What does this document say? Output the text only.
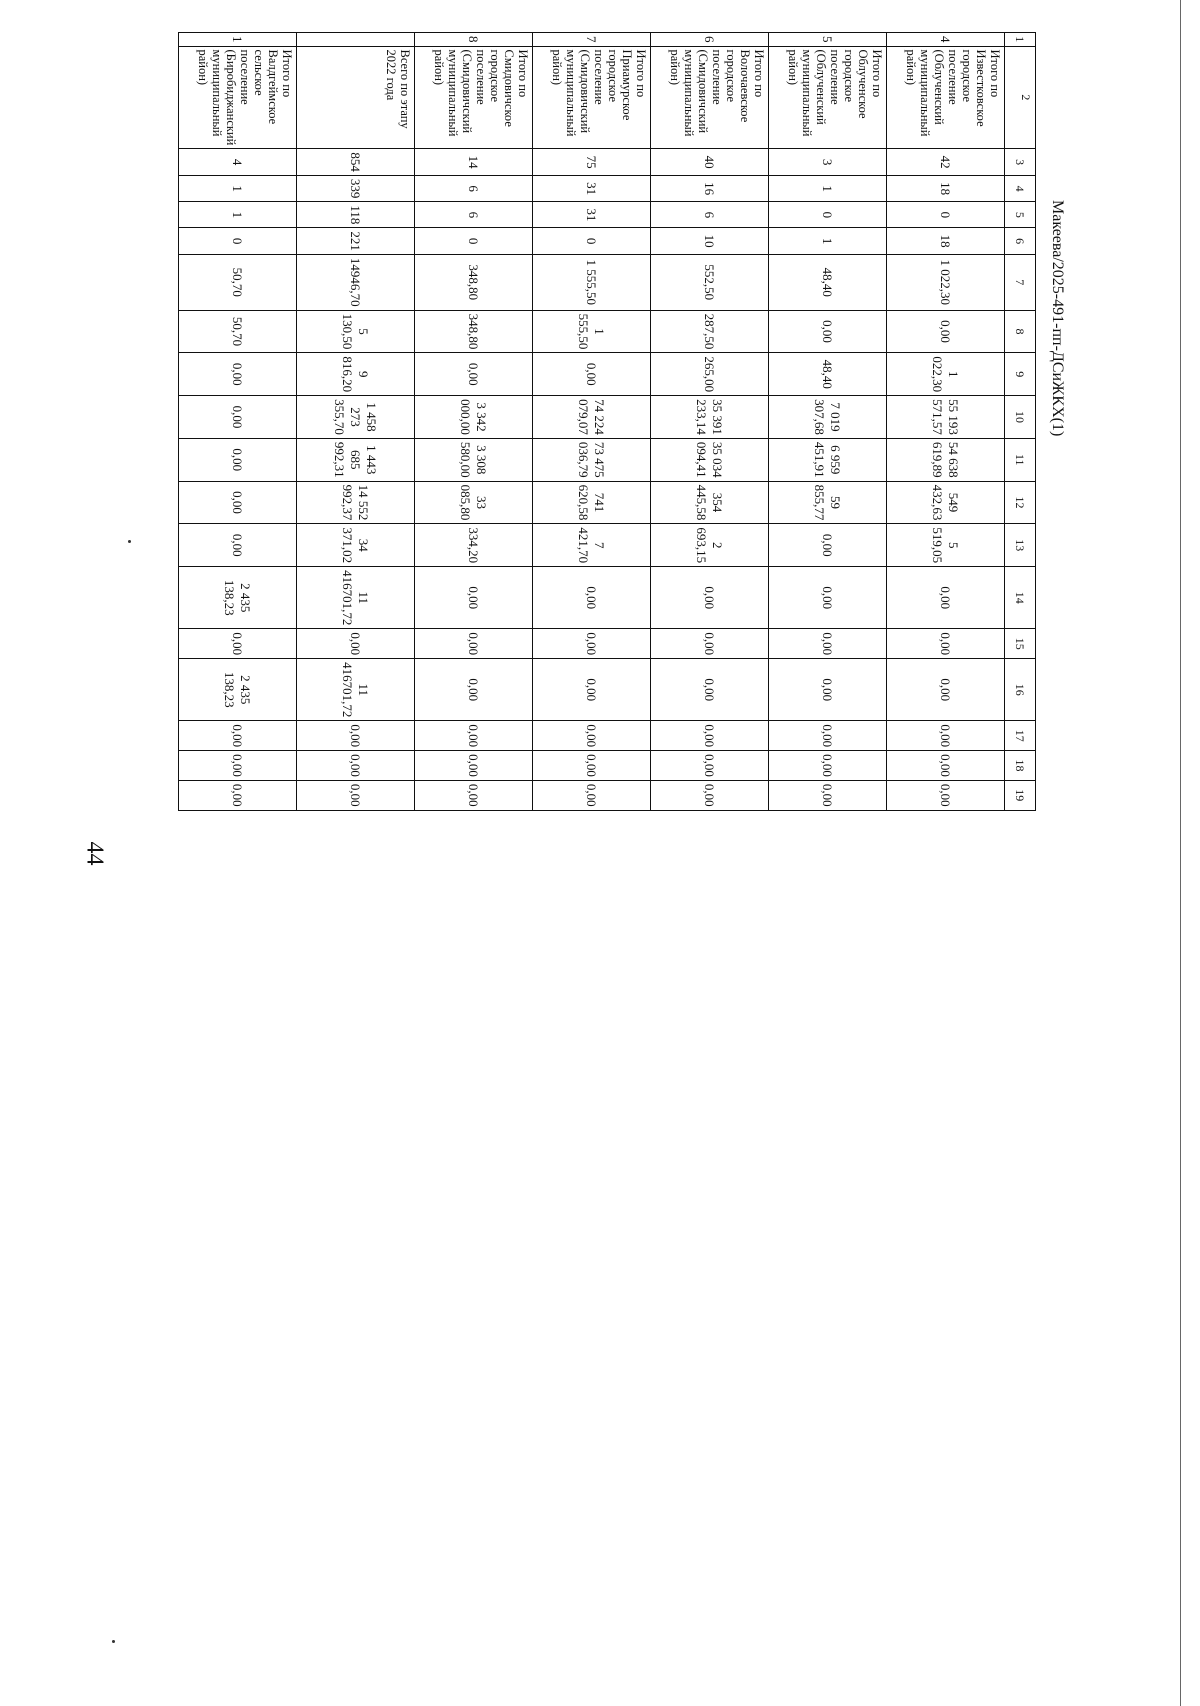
44
Макеева/2025-491-пп-ДСиЖКХ(1)
1	2	3	4	5	6	7	8	9	10	11	12	13	14	15	16	17	18	19
4	Итого по Известковское городское поселение (Облученский муниципальный район)	42	18	0	18	1 022,30	0,00	1 022,30	55 193 571,57	54 638 619,89	549 432,63	5 519,05	0,00	0,00	0,00	0,00	0,00	0,00
5	Итого по Облученское городское поселение (Облученский муниципальный район)	3	1	0	1	48,40	0,00	48,40	7 019 307,68	6 959 451,91	59 855,77	0,00	0,00	0,00	0,00	0,00	0,00	0,00
6	Итого по Волочаевское городское поселение (Смидовичский муниципальный район)	40	16	6	10	552,50	287,50	265,00	35 391 233,14	35 034 094,41	354 445,58	2 693,15	0,00	0,00	0,00	0,00	0,00	0,00
7	Итого по Приамурское городское поселение (Смидовичский муниципальный район)	75	31	31	0	1 555,50	1 555,50	0,00	74 224 079,07	73 475 036,79	741 620,58	7 421,70	0,00	0,00	0,00	0,00	0,00	0,00
8	Итого по Смидовичское городское поселение (Смидовичский муниципальный район)	14	6	6	0	348,80	348,80	0,00	3 342 000,00	3 308 580,00	33 085,80	334,20	0,00	0,00	0,00	0,00	0,00	0,00
	Всего по этапу 2022 года	854	339	118	221	14946,70	5 130,50	9 816,20	1 458 273 355,70	1 443 685 992,31	14 552 992,37	34 371,02	11 416701,72	0,00	11 416701,72	0,00	0,00	0,00
1	Итого по Валдгеймское сельское поселение (Биробиджанский муниципальный район)	4	1	1	0	50,70	50,70	0,00	0,00	0,00	0,00	0,00	2 435 138,23	0,00	2 435 138,23	0,00	0,00	0,00
